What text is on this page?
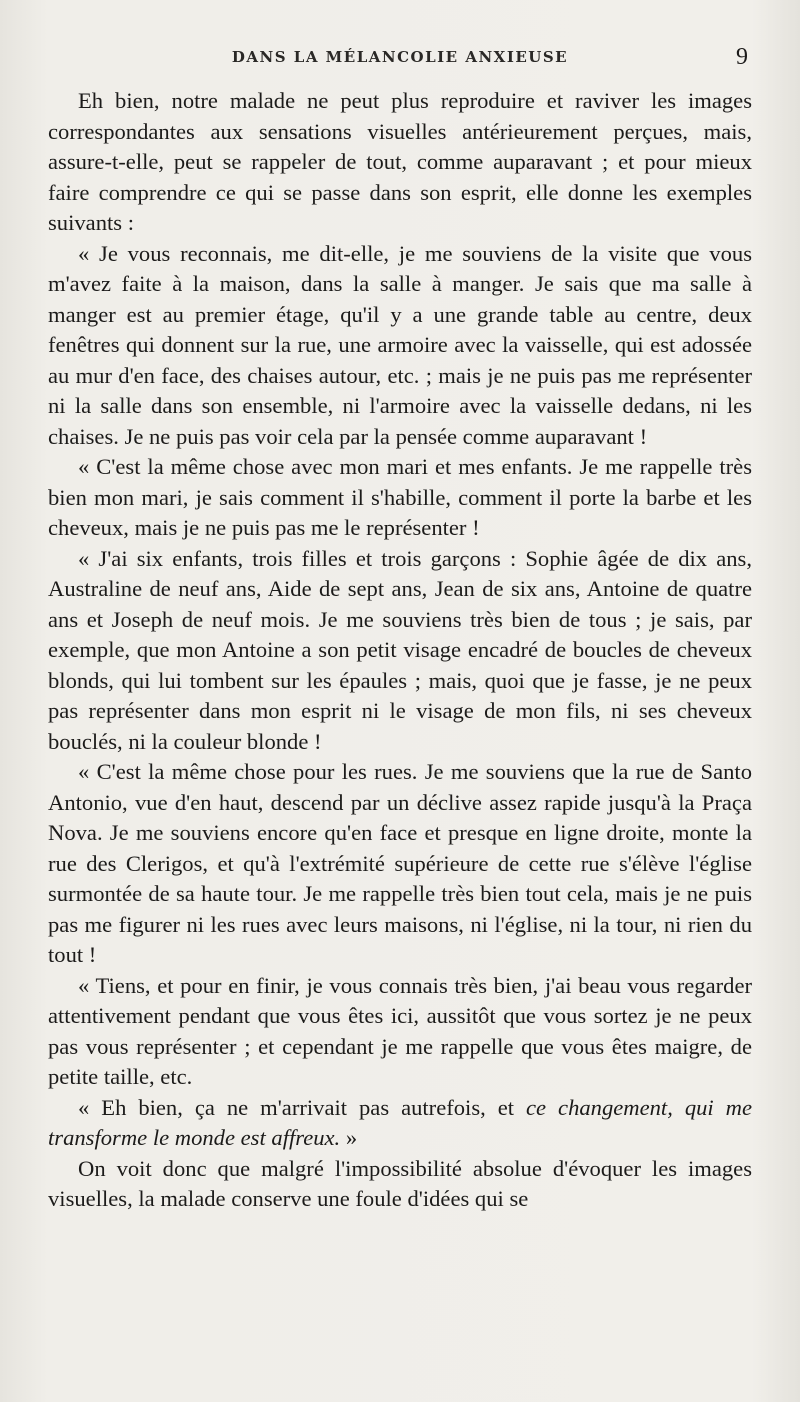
DANS LA MÉLANCOLIE ANXIEUSE	9

Eh bien, notre malade ne peut plus reproduire et raviver les images correspondantes aux sensations visuelles antérieurement perçues, mais, assure-t-elle, peut se rappeler de tout, comme auparavant ; et pour mieux faire comprendre ce qui se passe dans son esprit, elle donne les exemples suivants :

« Je vous reconnais, me dit-elle, je me souviens de la visite que vous m'avez faite à la maison, dans la salle à manger. Je sais que ma salle à manger est au premier étage, qu'il y a une grande table au centre, deux fenêtres qui donnent sur la rue, une armoire avec la vaisselle, qui est adossée au mur d'en face, des chaises autour, etc. ; mais je ne puis pas me représenter ni la salle dans son ensemble, ni l'armoire avec la vaisselle dedans, ni les chaises. Je ne puis pas voir cela par la pensée comme auparavant !

« C'est la même chose avec mon mari et mes enfants. Je me rappelle très bien mon mari, je sais comment il s'habille, comment il porte la barbe et les cheveux, mais je ne puis pas me le représenter !

« J'ai six enfants, trois filles et trois garçons : Sophie âgée de dix ans, Australine de neuf ans, Aide de sept ans, Jean de six ans, Antoine de quatre ans et Joseph de neuf mois. Je me souviens très bien de tous ; je sais, par exemple, que mon Antoine a son petit visage encadré de boucles de cheveux blonds, qui lui tombent sur les épaules ; mais, quoi que je fasse, je ne peux pas représenter dans mon esprit ni le visage de mon fils, ni ses cheveux bouclés, ni la couleur blonde !

« C'est la même chose pour les rues. Je me souviens que la rue de Santo Antonio, vue d'en haut, descend par un déclive assez rapide jusqu'à la Praça Nova. Je me souviens encore qu'en face et presque en ligne droite, monte la rue des Clerigos, et qu'à l'extrémité supérieure de cette rue s'élève l'église surmontée de sa haute tour. Je me rappelle très bien tout cela, mais je ne puis pas me figurer ni les rues avec leurs maisons, ni l'église, ni la tour, ni rien du tout !

« Tiens, et pour en finir, je vous connais très bien, j'ai beau vous regarder attentivement pendant que vous êtes ici, aussitôt que vous sortez je ne peux pas vous représenter ; et cependant je me rappelle que vous êtes maigre, de petite taille, etc.

« Eh bien, ça ne m'arrivait pas autrefois, et ce changement, qui me transforme le monde est affreux. »

On voit donc que malgré l'impossibilité absolue d'évoquer les images visuelles, la malade conserve une foule d'idées qui se
